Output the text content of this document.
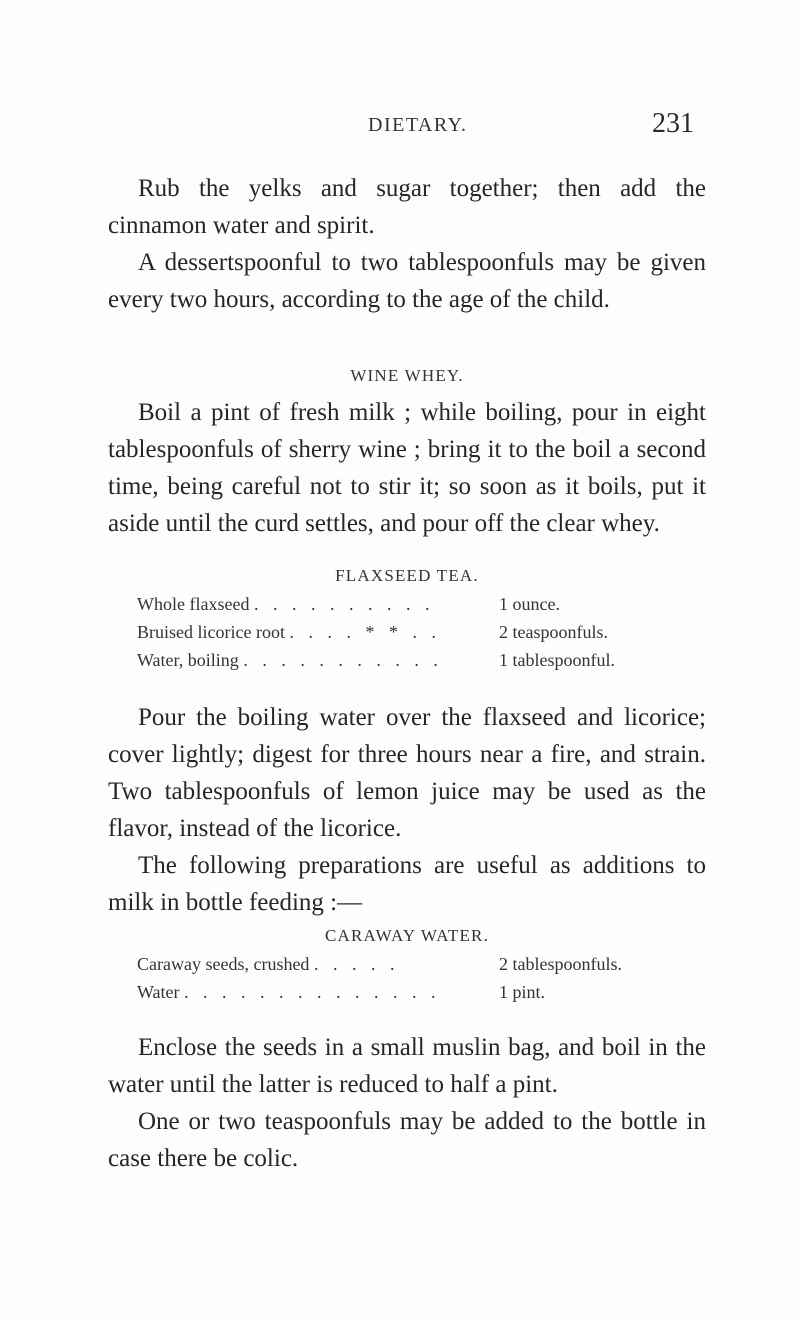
DIETARY.	231

Rub the yelks and sugar together; then add the cinnamon water and spirit.

A dessertspoonful to two tablespoonfuls may be given every two hours, according to the age of the child.

WINE WHEY.

Boil a pint of fresh milk ; while boiling, pour in eight tablespoonfuls of sherry wine ; bring it to the boil a second time, being careful not to stir it; so soon as it boils, put it aside until the curd settles, and pour off the clear whey.

FLAXSEED TEA.
Whole flaxseed . . . . . . . . . .	1 ounce.
Bruised licorice root . . . . * * . .	2 teaspoonfuls.
Water, boiling . . . . . . . . . . .	1 tablespoonful.

Pour the boiling water over the flaxseed and licorice; cover lightly; digest for three hours near a fire, and strain. Two tablespoonfuls of lemon juice may be used as the flavor, instead of the licorice.

The following preparations are useful as additions to milk in bottle feeding :—

CARAWAY WATER.
Caraway seeds, crushed . . . . .	2 tablespoonfuls.
Water . . . . . . . . . . . . . .	1 pint.

Enclose the seeds in a small muslin bag, and boil in the water until the latter is reduced to half a pint.

One or two teaspoonfuls may be added to the bottle in case there be colic.
